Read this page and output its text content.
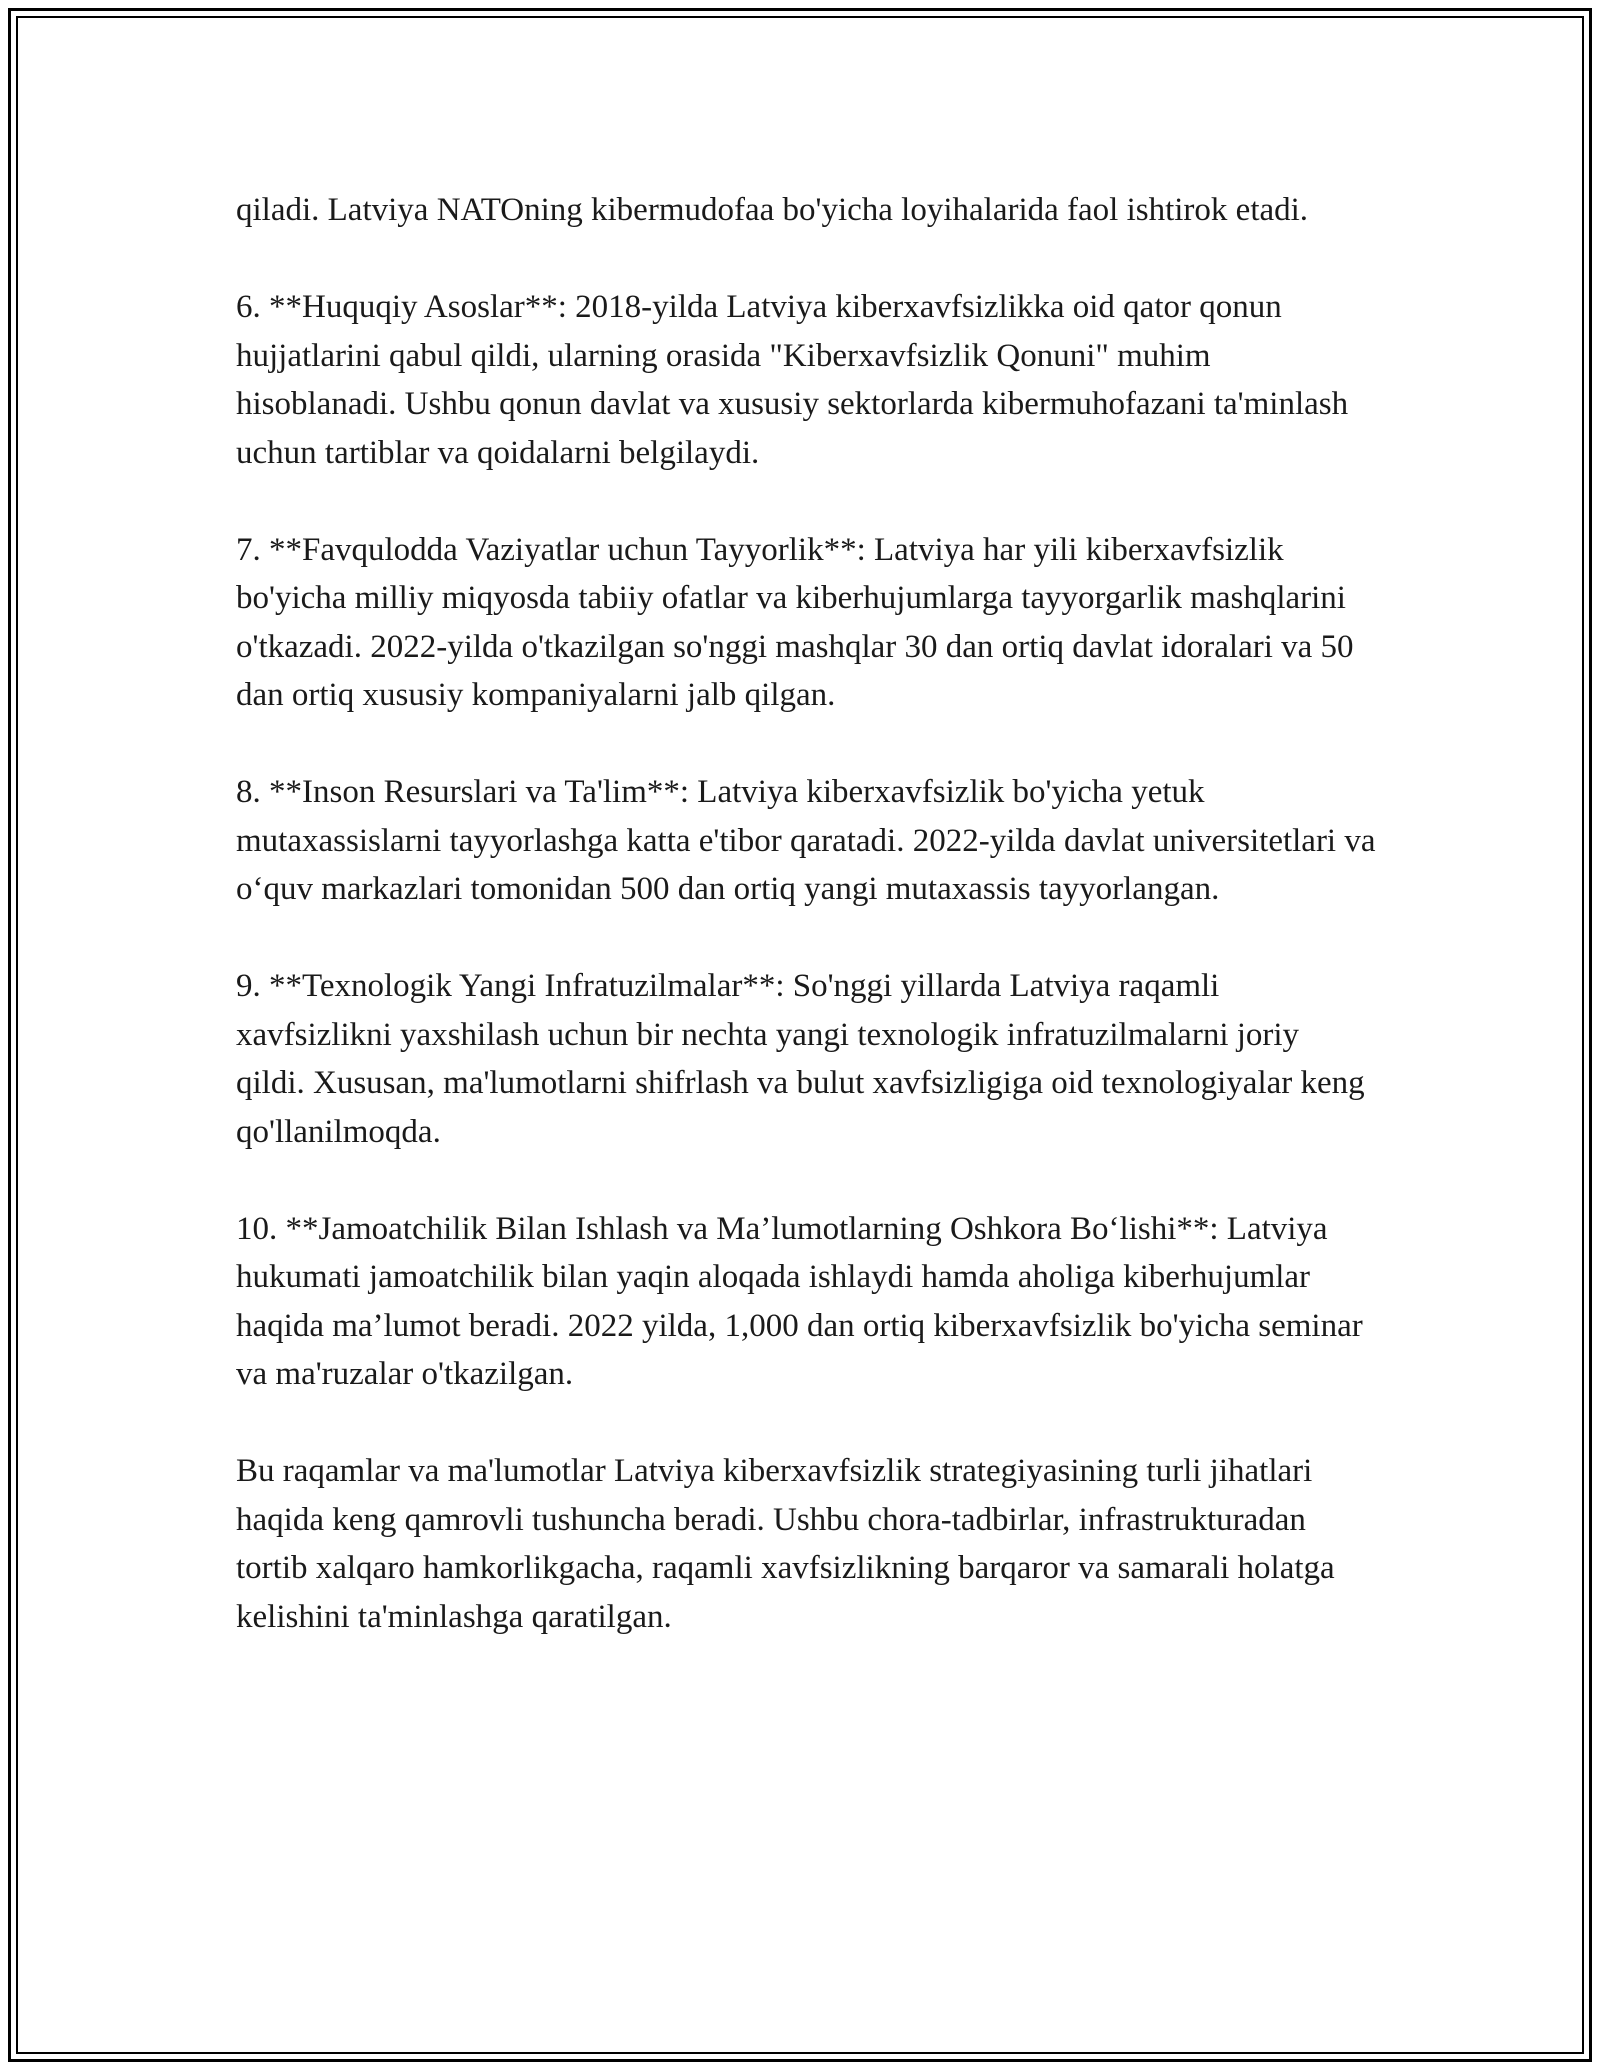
qiladi. Latviya NATOning kibermudofaa bo'yicha loyihalarida faol ishtirok etadi.

6. **Huquqiy Asoslar**: 2018-yilda Latviya kiberxavfsizlikka oid qator qonun hujjatlarini qabul qildi, ularning orasida "Kiberxavfsizlik Qonuni" muhim hisoblanadi. Ushbu qonun davlat va xususiy sektorlarda kibermuhofazani ta'minlash uchun tartiblar va qoidalarni belgilaydi.

7. **Favqulodda Vaziyatlar uchun Tayyorlik**: Latviya har yili kiberxavfsizlik bo'yicha milliy miqyosda tabiiy ofatlar va kiberhujumlarga tayyorgarlik mashqlarini o'tkazadi. 2022-yilda o'tkazilgan so'nggi mashqlar 30 dan ortiq davlat idoralari va 50 dan ortiq xususiy kompaniyalarni jalb qilgan.

8. **Inson Resurslari va Ta'lim**: Latviya kiberxavfsizlik bo'yicha yetuk mutaxassislarni tayyorlashga katta e'tibor qaratadi. 2022-yilda davlat universitetlari va o‘quv markazlari tomonidan 500 dan ortiq yangi mutaxassis tayyorlangan.

9. **Texnologik Yangi Infratuzilmalar**: So'nggi yillarda Latviya raqamli xavfsizlikni yaxshilash uchun bir nechta yangi texnologik infratuzilmalarni joriy qildi. Xususan, ma'lumotlarni shifrlash va bulut xavfsizligiga oid texnologiyalar keng qo'llanilmoqda.

10. **Jamoatchilik Bilan Ishlash va Ma’lumotlarning Oshkora Bo‘lishi**: Latviya hukumati jamoatchilik bilan yaqin aloqada ishlaydi hamda aholiga kiberhujumlar haqida ma’lumot beradi. 2022 yilda, 1,000 dan ortiq kiberxavfsizlik bo'yicha seminar va ma'ruzalar o'tkazilgan.

Bu raqamlar va ma'lumotlar Latviya kiberxavfsizlik strategiyasining turli jihatlari haqida keng qamrovli tushuncha beradi. Ushbu chora-tadbirlar, infrastrukturadan tortib xalqaro hamkorlikgacha, raqamli xavfsizlikning barqaror va samarali holatga kelishini ta'minlashga qaratilgan.
